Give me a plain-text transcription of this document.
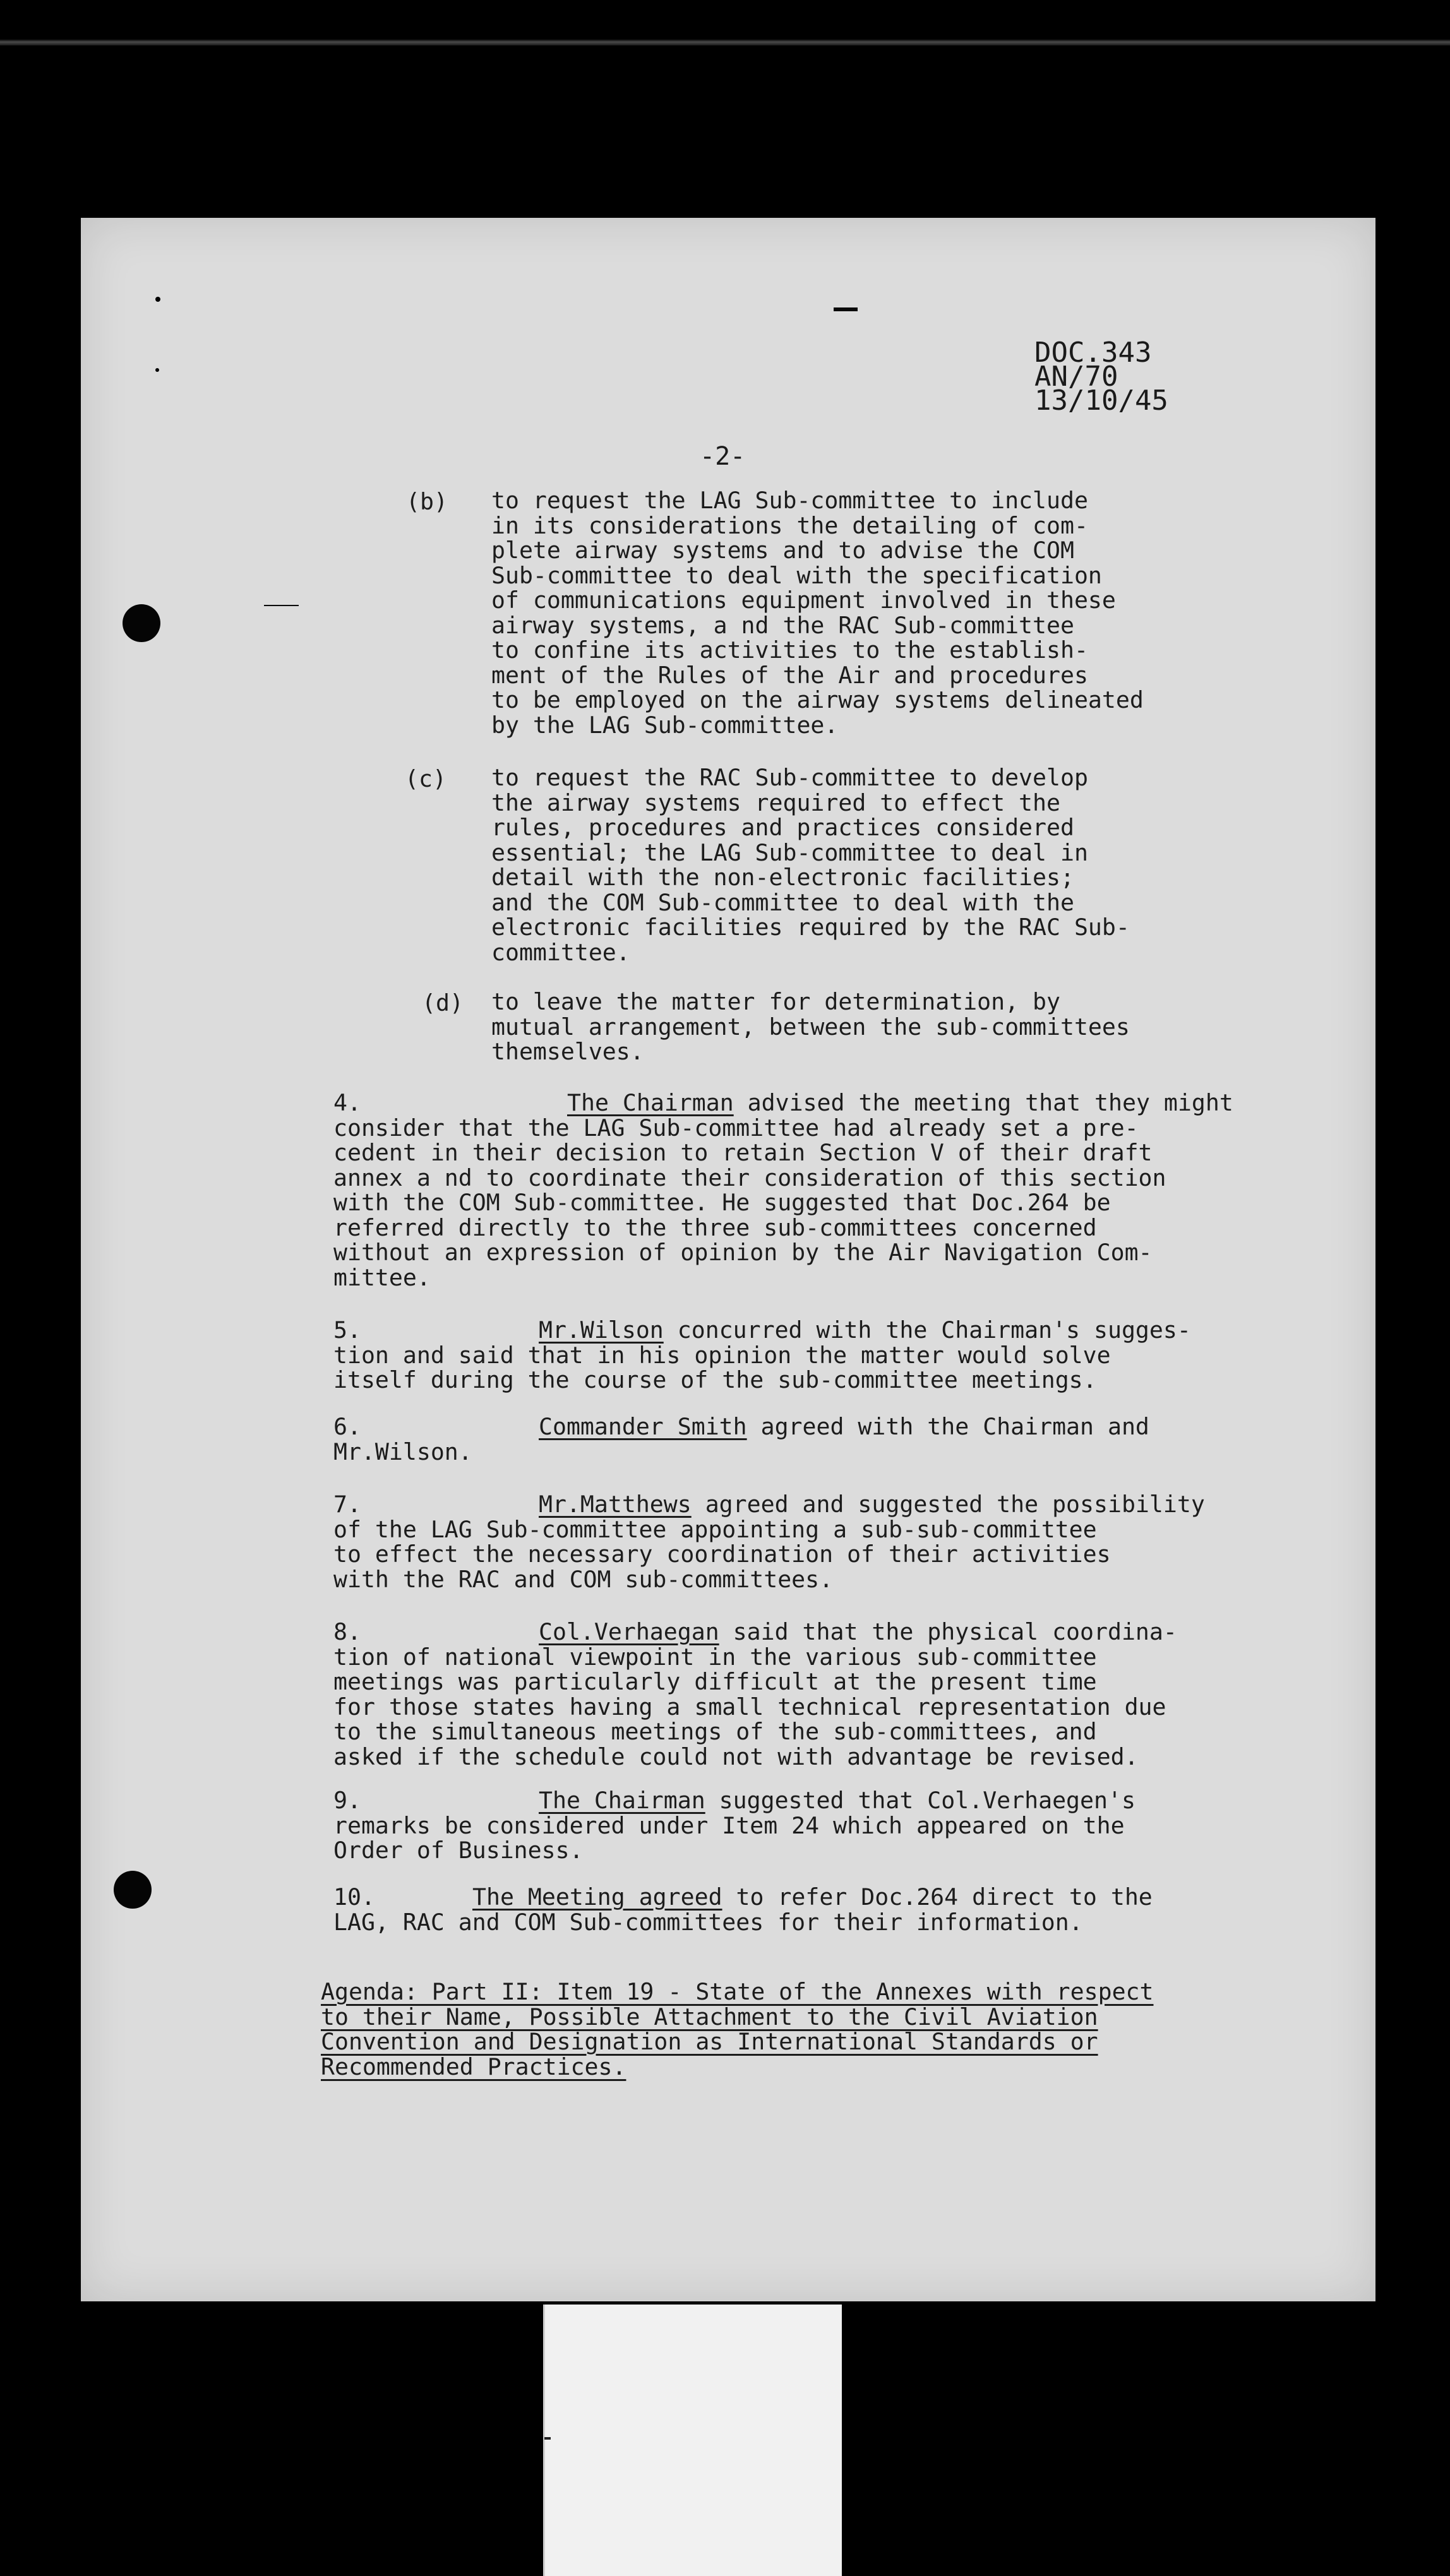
DOC.343
AN/70
13/10/45
-2-
(b) to request the LAG Sub-committee to include
in its considerations the detailing of com-
plete airway systems and to advise the COM
Sub-committee to deal with the specification
of communications equipment involved in these
airway systems, a nd the RAC Sub-committee
to confine its activities to the establish-
ment of the Rules of the Air and procedures
to be employed on the airway systems delineated
by the LAG Sub-committee.
(c) to request the RAC Sub-committee to develop
the airway systems required to effect the
rules, procedures and practices considered
essential; the LAG Sub-committee to deal in
detail with the non-electronic facilities;
and the COM Sub-committee to deal with the
electronic facilities required by the RAC Sub-
committee.
(d) to leave the matter for determination, by
mutual arrangement, between the sub-committees
themselves.
4.	The Chairman advised the meeting that they might
consider that the LAG Sub-committee had already set a pre-
cedent in their decision to retain Section V of their draft
annex a nd to coordinate their consideration of this section
with the COM Sub-committee. He suggested that Doc.264 be
referred directly to the three sub-committees concerned
without an expression of opinion by the Air Navigation Com-
mittee.
5.	Mr.Wilson concurred with the Chairman's sugges-
tion and said that in his opinion the matter would solve
itself during the course of the sub-committee meetings.
6.	Commander Smith agreed with the Chairman and
Mr.Wilson.
7.	Mr.Matthews agreed and suggested the possibility
of the LAG Sub-committee appointing a sub-sub-committee
to effect the necessary coordination of their activities
with the RAC and COM sub-committees.
8.	Col.Verhaegan said that the physical coordina-
tion of national viewpoint in the various sub-committee
meetings was particularly difficult at the present time
for those states having a small technical representation due
to the simultaneous meetings of the sub-committees, and
asked if the schedule could not with advantage be revised.
9.	The Chairman suggested that Col.Verhaegen's
remarks be considered under Item 24 which appeared on the
Order of Business.
10.	The Meeting agreed to refer Doc.264 direct to the
LAG, RAC and COM Sub-committees for their information.
Agenda: Part II: Item 19 - State of the Annexes with respect
to their Name, Possible Attachment to the Civil Aviation
Convention and Designation as International Standards or
Recommended Practices.
